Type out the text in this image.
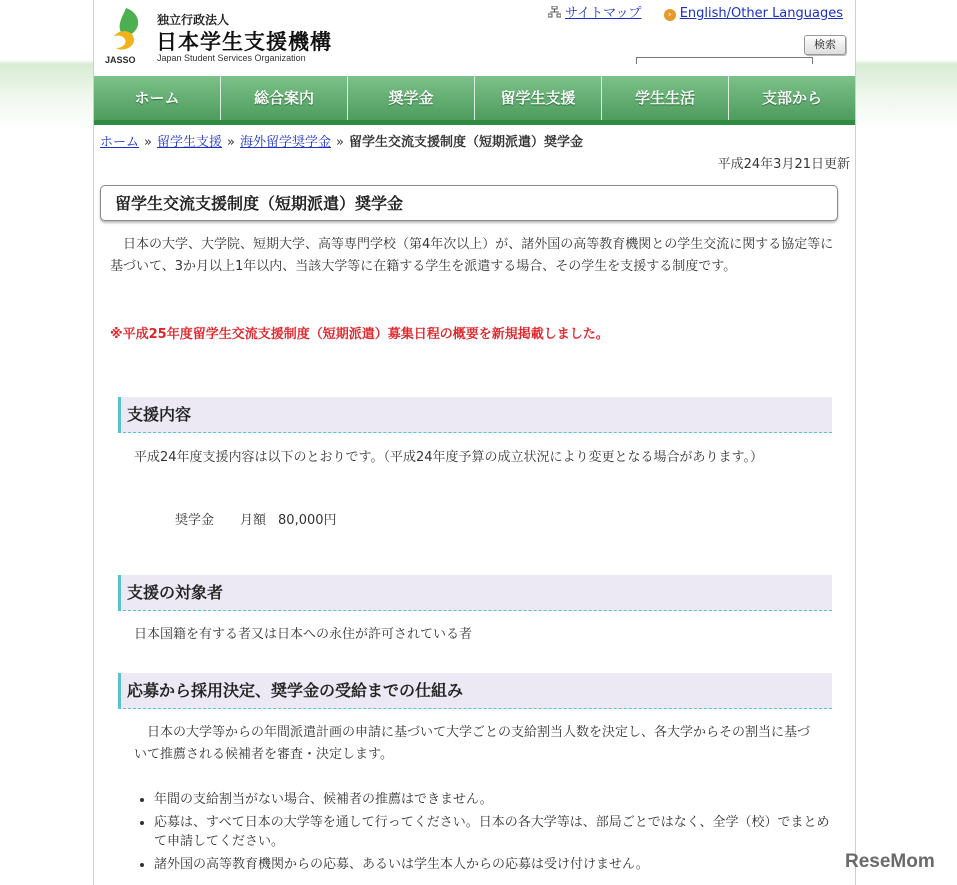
JASSO
独立行政法人
日本学生支援機構
Japan Student Services Organization
サイトマップ	› English/Other Languages
検索
ホーム	総合案内	奨学金	留学生支援	学生生活	支部から
ホーム » 留学生支援 » 海外留学奨学金 » 留学生交流支援制度（短期派遣）奨学金
平成24年3月21日更新
留学生交流支援制度（短期派遣）奨学金
日本の大学、大学院、短期大学、高等専門学校（第4年次以上）が、諸外国の高等教育機関との学生交流に関する協定等に基づいて、3か月以上1年以内、当該大学等に在籍する学生を派遣する場合、その学生を支援する制度です。
※平成25年度留学生交流支援制度（短期派遣）募集日程の概要を新規掲載しました。
支援内容
平成24年度支援内容は以下のとおりです。（平成24年度予算の成立状況により変更となる場合があります。）
奨学金 月額 80,000円
支援の対象者
日本国籍を有する者又は日本への永住が許可されている者
応募から採用決定、奨学金の受給までの仕組み
日本の大学等からの年間派遣計画の申請に基づいて大学ごとの支給割当人数を決定し、各大学からその割当に基づいて推薦される候補者を審査・決定します。
• 年間の支給割当がない場合、候補者の推薦はできません。
• 応募は、すべて日本の大学等を通して行ってください。日本の各大学等は、部局ごとではなく、全学（校）でまとめて申請してください。
• 諸外国の高等教育機関からの応募、あるいは学生本人からの応募は受け付けません。	ReseMom
